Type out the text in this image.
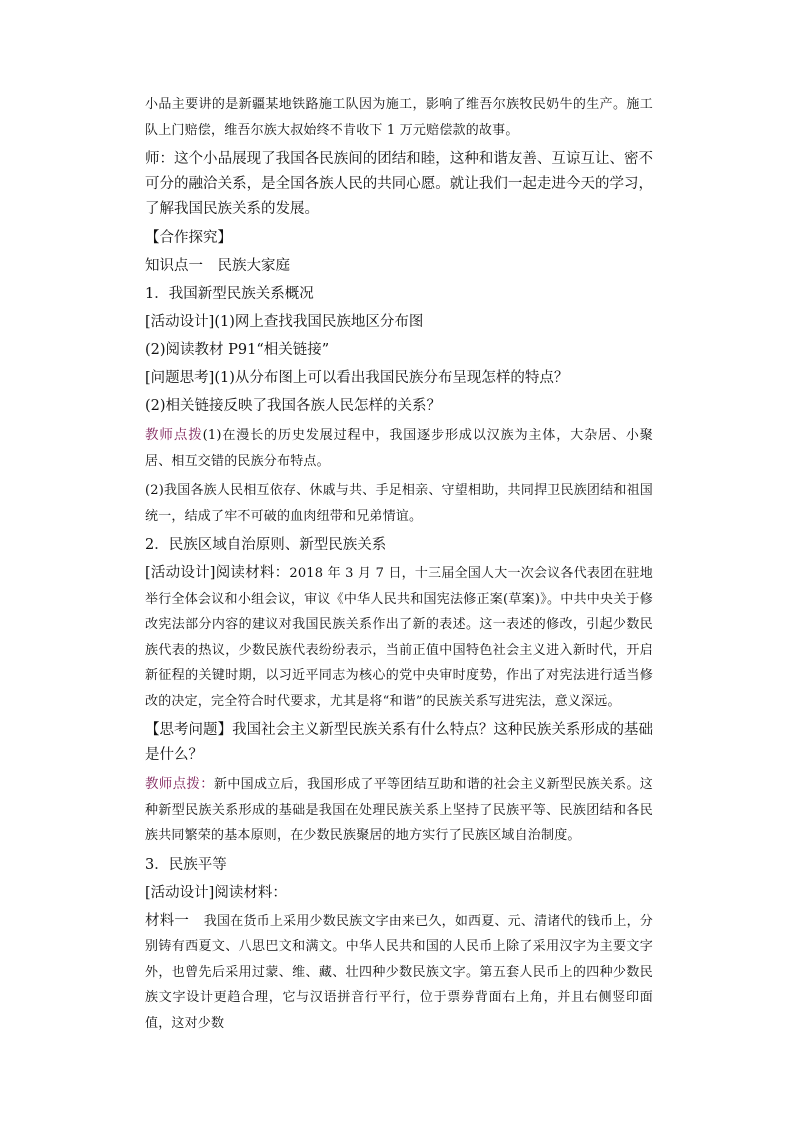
小品主要讲的是新疆某地铁路施工队因为施工，影响了维吾尔族牧民奶牛的生产。施工队上门赔偿，维吾尔族大叔始终不肯收下 1 万元赔偿款的故事。

师：这个小品展现了我国各民族间的团结和睦，这种和谐友善、互谅互让、密不可分的融洽关系，是全国各族人民的共同心愿。就让我们一起走进今天的学习，了解我国民族关系的发展。

【合作探究】

知识点一　民族大家庭

1．我国新型民族关系概况

[活动设计](1)网上查找我国民族地区分布图

(2)阅读教材 P91“相关链接”

[问题思考](1)从分布图上可以看出我国民族分布呈现怎样的特点？

(2)相关链接反映了我国各族人民怎样的关系？

教师点拨(1)在漫长的历史发展过程中，我国逐步形成以汉族为主体，大杂居、小聚居、相互交错的民族分布特点。

(2)我国各族人民相互依存、休戚与共、手足相亲、守望相助，共同捍卫民族团结和祖国统一，结成了牢不可破的血肉纽带和兄弟情谊。

2．民族区域自治原则、新型民族关系

[活动设计]阅读材料：2018 年 3 月 7 日，十三届全国人大一次会议各代表团在驻地举行全体会议和小组会议，审议《中华人民共和国宪法修正案(草案)》。中共中央关于修改宪法部分内容的建议对我国民族关系作出了新的表述。这一表述的修改，引起少数民族代表的热议，少数民族代表纷纷表示，当前正值中国特色社会主义进入新时代，开启新征程的关键时期，以习近平同志为核心的党中央审时度势，作出了对宪法进行适当修改的决定，完全符合时代要求，尤其是将“和谐”的民族关系写进宪法，意义深远。

【思考问题】我国社会主义新型民族关系有什么特点？这种民族关系形成的基础是什么？

教师点拨：新中国成立后，我国形成了平等团结互助和谐的社会主义新型民族关系。这种新型民族关系形成的基础是我国在处理民族关系上坚持了民族平等、民族团结和各民族共同繁荣的基本原则，在少数民族聚居的地方实行了民族区域自治制度。

3．民族平等

[活动设计]阅读材料：

材料一　我国在货币上采用少数民族文字由来已久，如西夏、元、清诸代的钱币上，分别铸有西夏文、八思巴文和满文。中华人民共和国的人民币上除了采用汉字为主要文字外，也曾先后采用过蒙、维、藏、壮四种少数民族文字。第五套人民币上的四种少数民族文字设计更趋合理，它与汉语拼音行平行，位于票券背面右上角，并且右侧竖印面值，这对少数
